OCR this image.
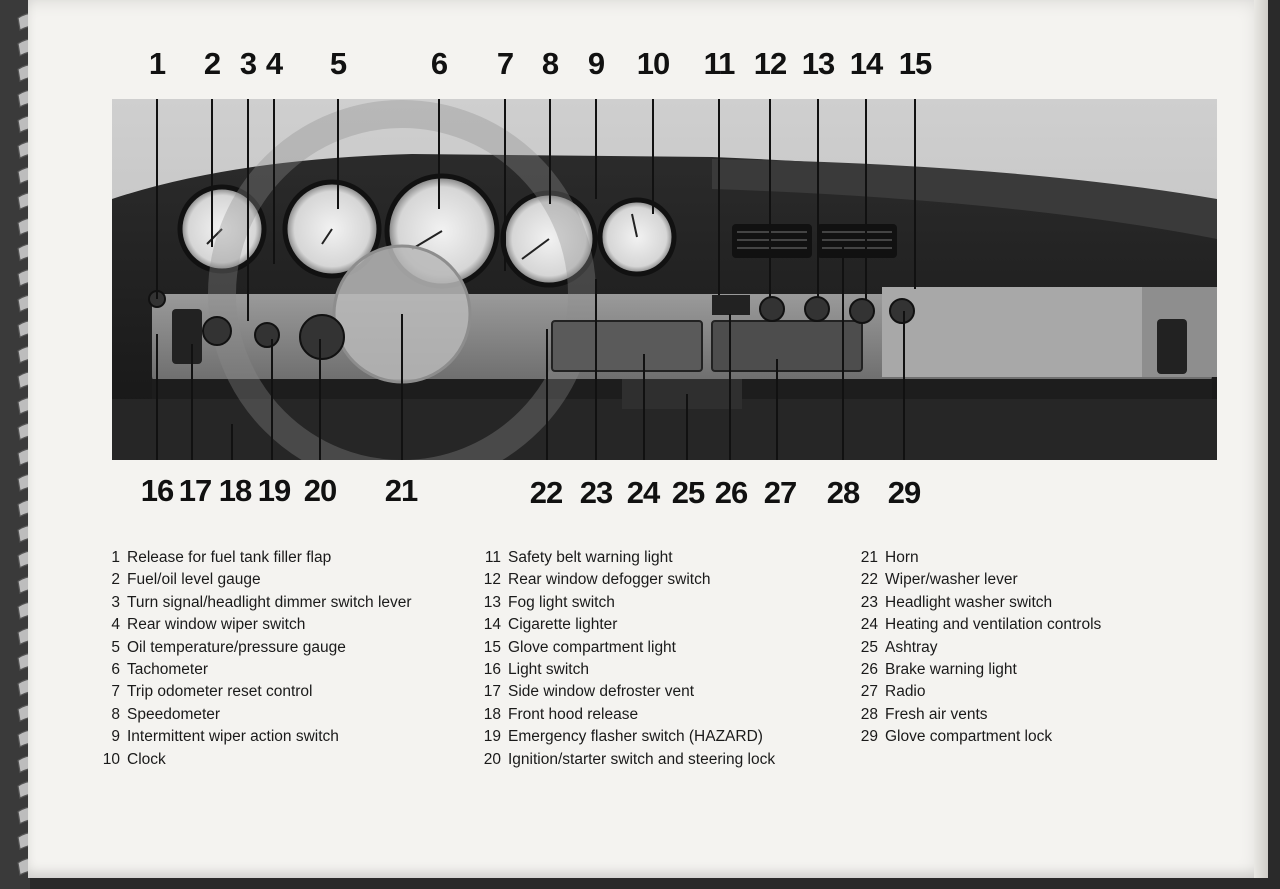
1 2 3 4 5	6 7 8 9 10 11 12 13 14 15
16 17 18 19 20 21	22 23 24 25 26 27 28 29
1 Release for fuel tank filler flap
2 Fuel/oil level gauge
3 Turn signal/headlight dimmer switch lever
4 Rear window wiper switch
5 Oil temperature/pressure gauge
6 Tachometer
7 Trip odometer reset control
8 Speedometer
9 Intermittent wiper action switch
10 Clock
11 Safety belt warning light
12 Rear window defogger switch
13 Fog light switch
14 Cigarette lighter
15 Glove compartment light
16 Light switch
17 Side window defroster vent
18 Front hood release
19 Emergency flasher switch (HAZARD)
20 Ignition/starter switch and steering lock
21 Horn
22 Wiper/washer lever
23 Headlight washer switch
24 Heating and ventilation controls
25 Ashtray
26 Brake warning light
27 Radio
28 Fresh air vents
29 Glove compartment lock
